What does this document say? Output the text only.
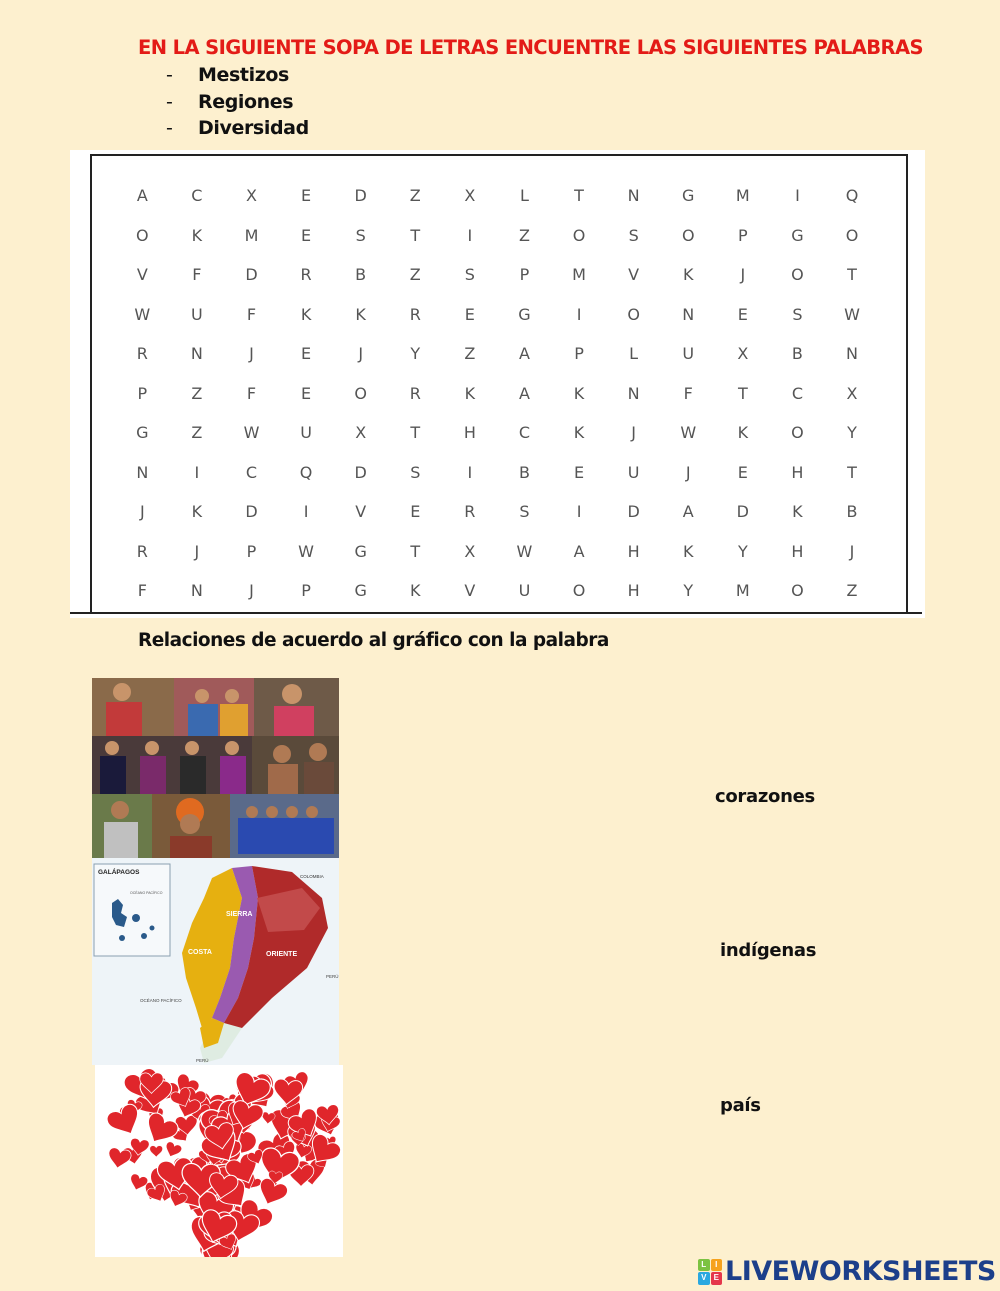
EN LA SIGUIENTE SOPA DE LETRAS ENCUENTRE LAS SIGUIENTES PALABRAS
- Mestizos
- Regiones
- Diversidad
A	C	X	E	D	Z	X	L	T	N	G	M	I	Q
O	K	M	E	S	T	I	Z	O	S	O	P	G	O
V	F	D	R	B	Z	S	P	M	V	K	J	O	T
W	U	F	K	K	R	E	G	I	O	N	E	S	W
R	N	J	E	J	Y	Z	A	P	L	U	X	B	N
P	Z	F	E	O	R	K	A	K	N	F	T	C	X
G	Z	W	U	X	T	H	C	K	J	W	K	O	Y
N	I	C	Q	D	S	I	B	E	U	J	E	H	T
J	K	D	I	V	E	R	S	I	D	A	D	K	B
R	J	P	W	G	T	X	W	A	H	K	Y	H	J
F	N	J	P	G	K	V	U	O	H	Y	M	O	Z
Relaciones de acuerdo al gráfico con la palabra
GALÁPAGOS
OCÉANO PACÍFICO
COLOMBIA
SIERRA
COSTA	ORIENTE
OCÉANO PACÍFICO
PERÚ
PERÚ
corazones
indígenas
país
L	I
V E LIVEWORKSHEETS
